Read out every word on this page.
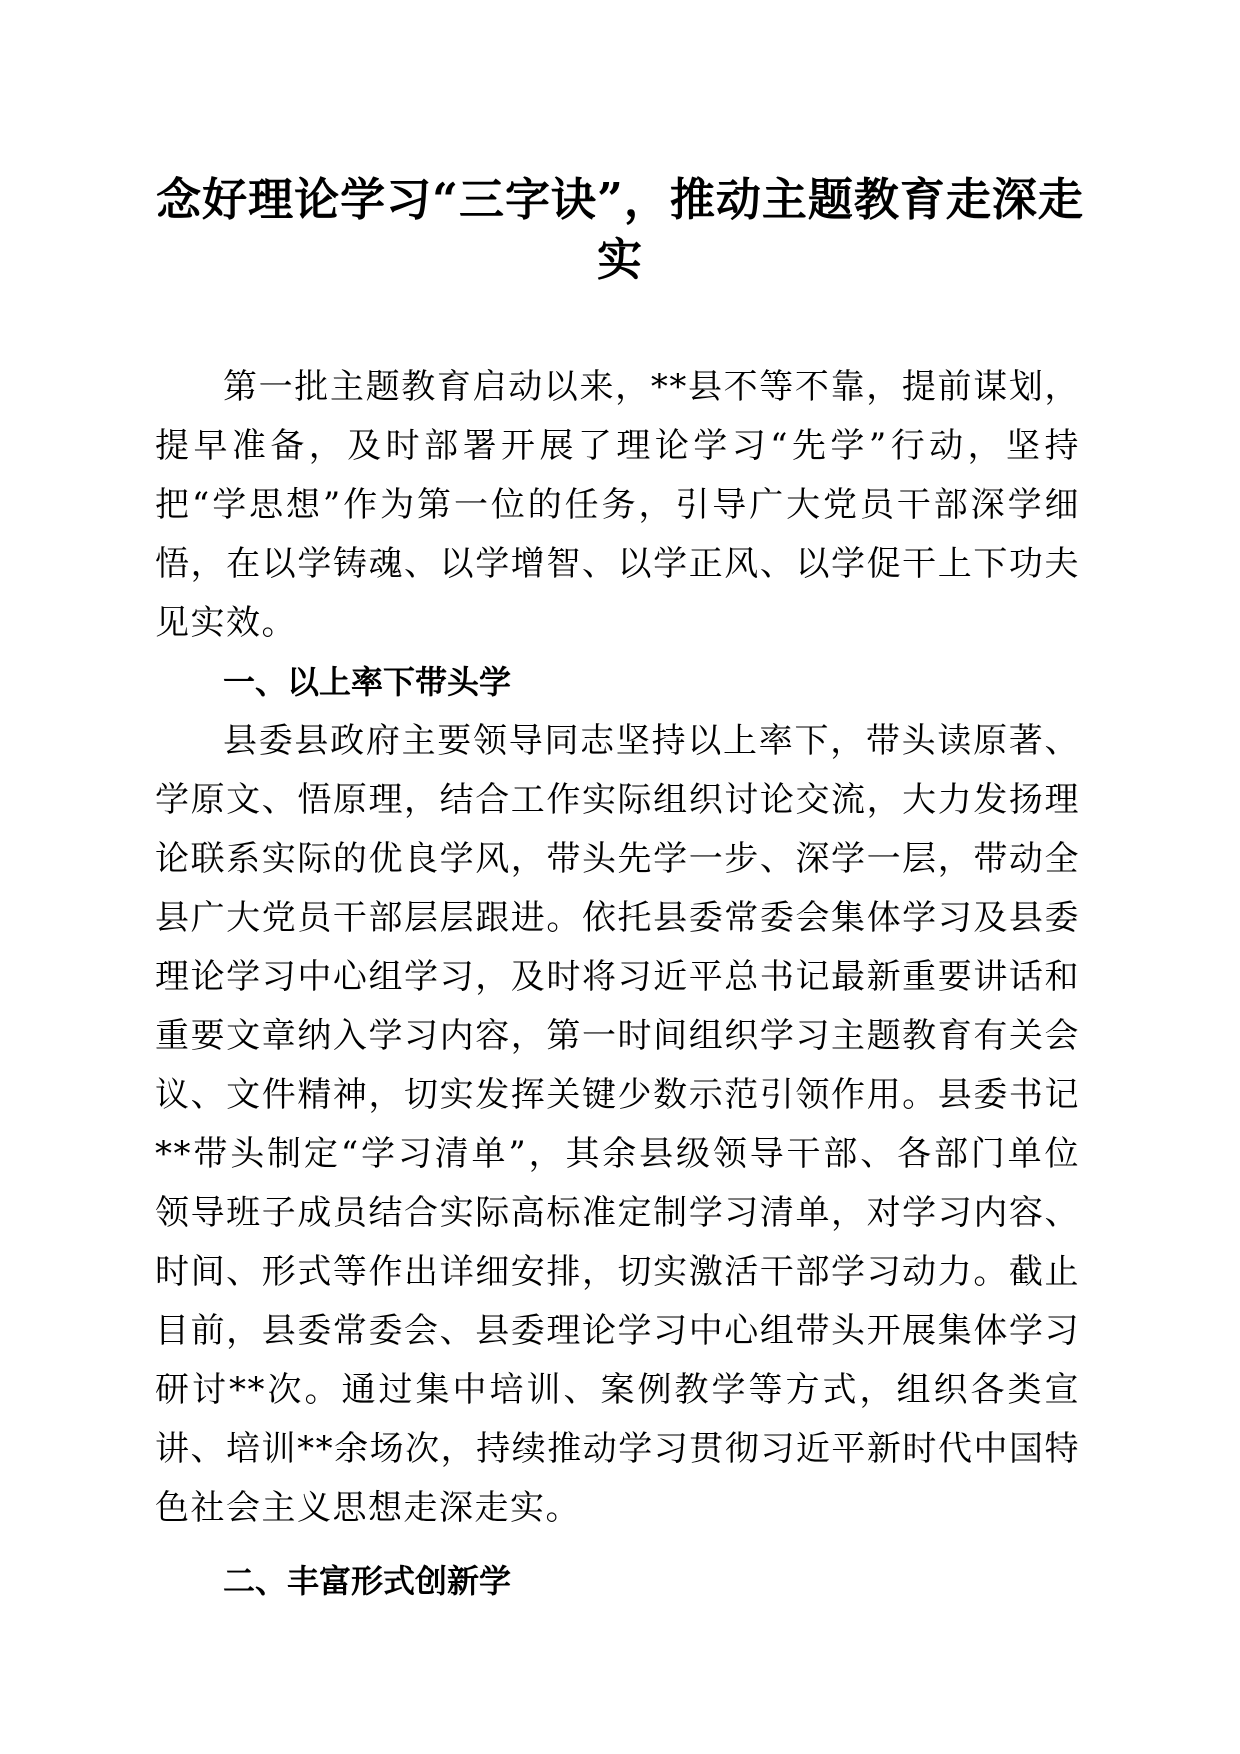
念好理论学习“三字诀”，推动主题教育走深走实

第一批主题教育启动以来，**县不等不靠，提前谋划，提早准备，及时部署开展了理论学习“先学”行动，坚持把“学思想”作为第一位的任务，引导广大党员干部深学细悟，在以学铸魂、以学增智、以学正风、以学促干上下功夫见实效。

一、以上率下带头学

县委县政府主要领导同志坚持以上率下，带头读原著、学原文、悟原理，结合工作实际组织讨论交流，大力发扬理论联系实际的优良学风，带头先学一步、深学一层，带动全县广大党员干部层层跟进。依托县委常委会集体学习及县委理论学习中心组学习，及时将习近平总书记最新重要讲话和重要文章纳入学习内容，第一时间组织学习主题教育有关会议、文件精神，切实发挥关键少数示范引领作用。县委书记**带头制定“学习清单”，其余县级领导干部、各部门单位领导班子成员结合实际高标准定制学习清单，对学习内容、时间、形式等作出详细安排，切实激活干部学习动力。截止目前，县委常委会、县委理论学习中心组带头开展集体学习研讨**次。通过集中培训、案例教学等方式，组织各类宣讲、培训**余场次，持续推动学习贯彻习近平新时代中国特色社会主义思想走深走实。

二、丰富形式创新学
